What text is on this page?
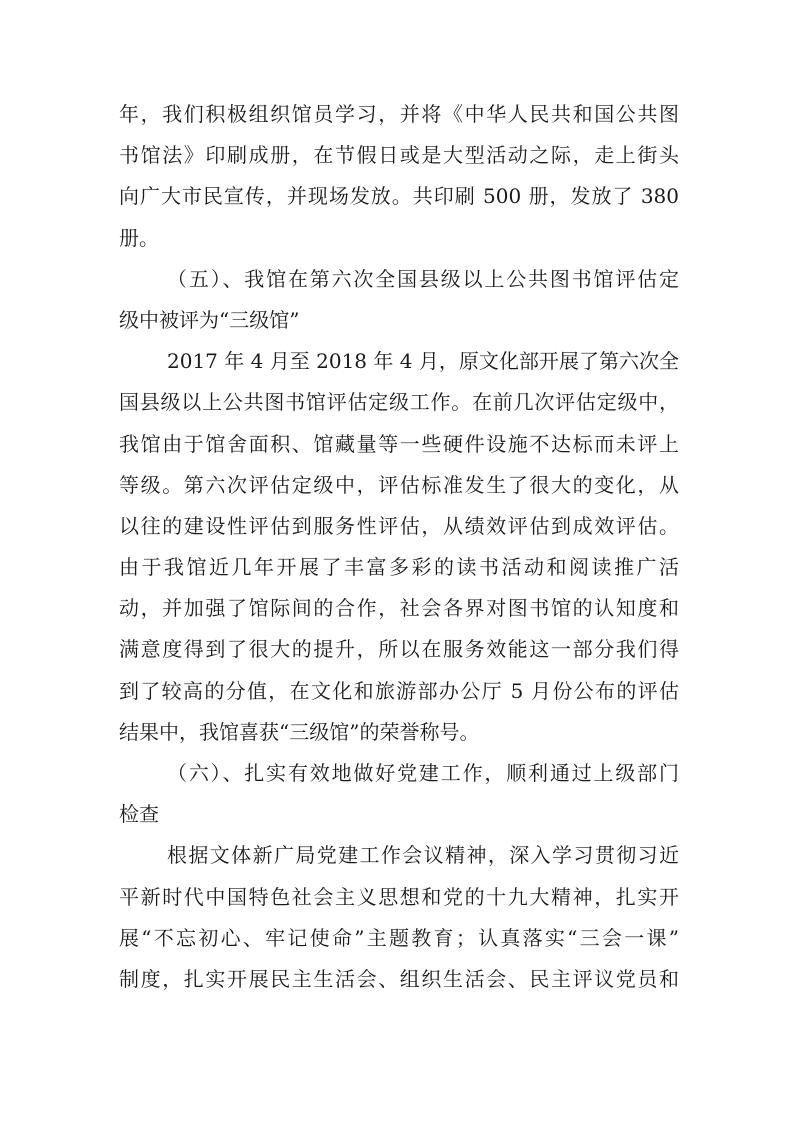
年，我们积极组织馆员学习，并将《中华人民共和国公共图
书馆法》印刷成册，在节假日或是大型活动之际，走上街头
向广大市民宣传，并现场发放。共印刷 500 册，发放了 380
册。
（五）、我馆在第六次全国县级以上公共图书馆评估定
级中被评为“三级馆”
2017 年 4 月至 2018 年 4 月，原文化部开展了第六次全
国县级以上公共图书馆评估定级工作。在前几次评估定级中，
我馆由于馆舍面积、馆藏量等一些硬件设施不达标而未评上
等级。第六次评估定级中，评估标准发生了很大的变化，从
以往的建设性评估到服务性评估，从绩效评估到成效评估。
由于我馆近几年开展了丰富多彩的读书活动和阅读推广活
动，并加强了馆际间的合作，社会各界对图书馆的认知度和
满意度得到了很大的提升，所以在服务效能这一部分我们得
到了较高的分值，在文化和旅游部办公厅 5 月份公布的评估
结果中，我馆喜获“三级馆”的荣誉称号。
（六）、扎实有效地做好党建工作，顺利通过上级部门
检查
根据文体新广局党建工作会议精神，深入学习贯彻习近
平新时代中国特色社会主义思想和党的十九大精神，扎实开
展“不忘初心、牢记使命”主题教育；认真落实“三会一课”
制度，扎实开展民主生活会、组织生活会、民主评议党员和
